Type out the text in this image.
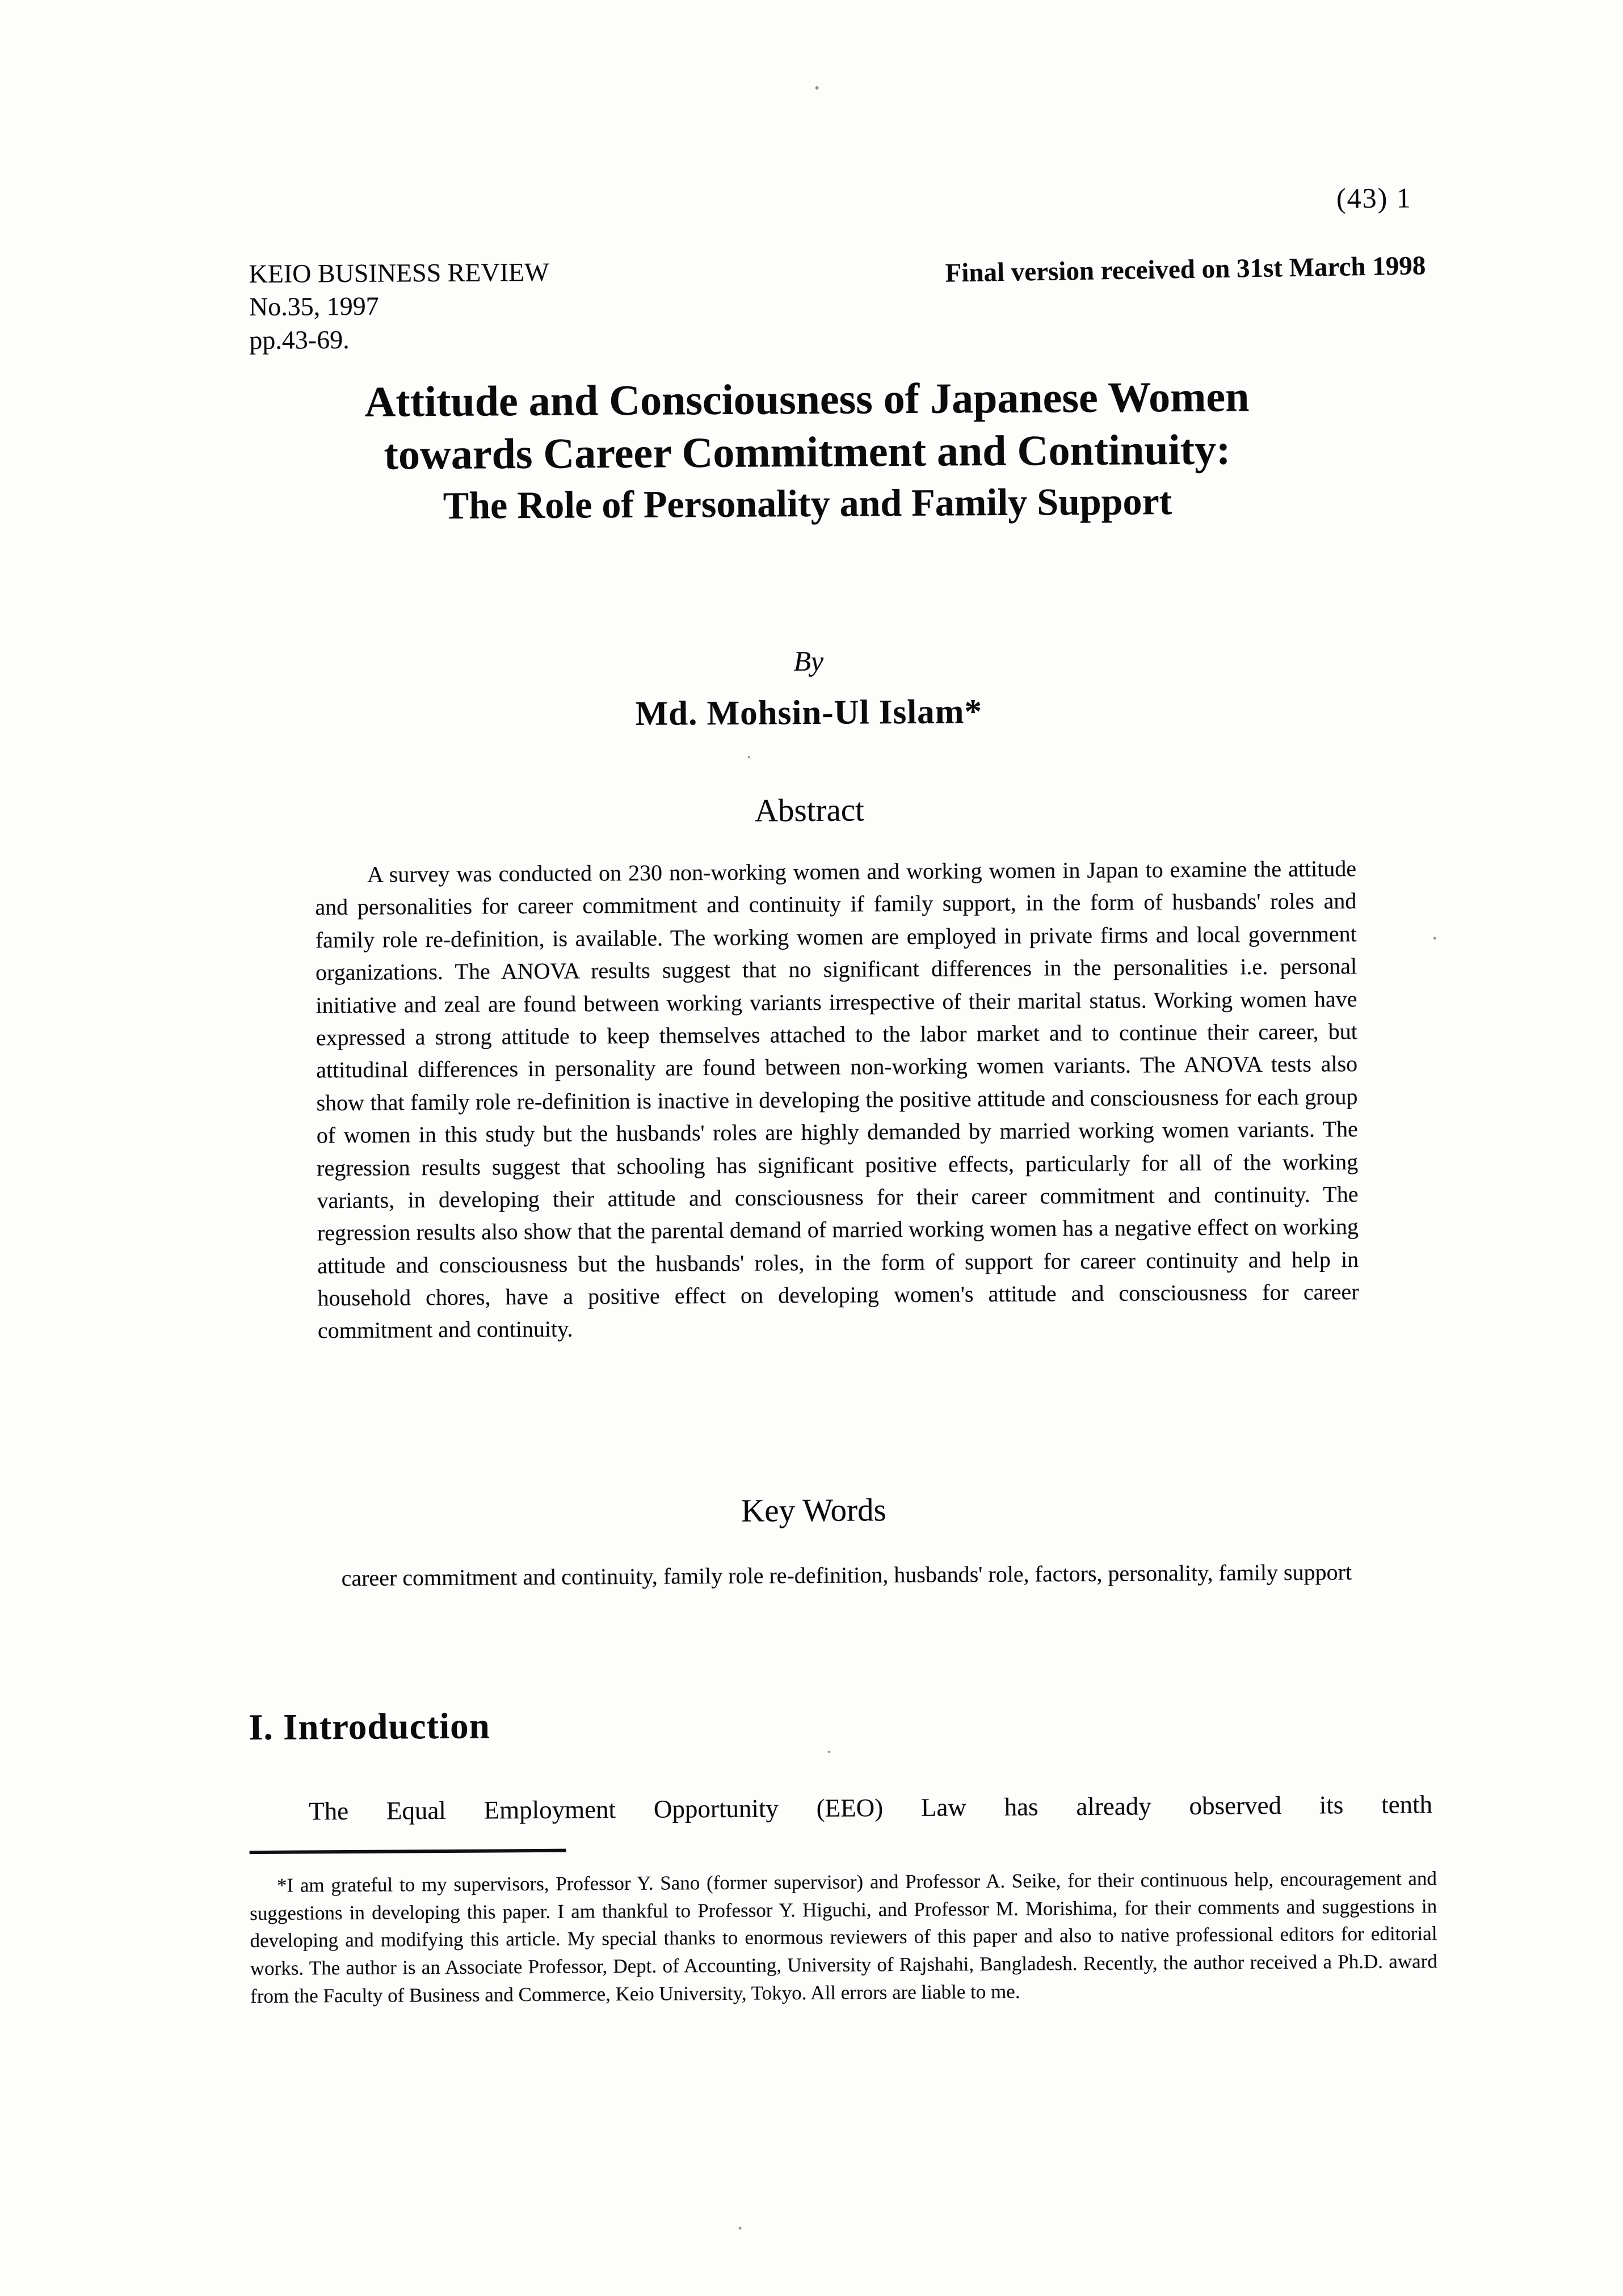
(43) 1
KEIO BUSINESS REVIEW
No.35, 1997
pp.43-69.
Final version received on 31st March 1998
Attitude and Consciousness of Japanese Women
towards Career Commitment and Continuity:
The Role of Personality and Family Support
By
Md. Mohsin-Ul Islam*
Abstract
A survey was conducted on 230 non-working women and working women in Japan to examine the attitude and personalities for career commitment and continuity if family support, in the form of husbands' roles and family role re-definition, is available. The working women are employed in private firms and local government organizations. The ANOVA results suggest that no significant differences in the personalities i.e. personal initiative and zeal are found between working variants irrespective of their marital status. Working women have expressed a strong attitude to keep themselves attached to the labor market and to continue their career, but attitudinal differences in personality are found between non-working women variants. The ANOVA tests also show that family role re-definition is inactive in developing the positive attitude and consciousness for each group of women in this study but the husbands' roles are highly demanded by married working women variants. The regression results suggest that schooling has significant positive effects, particularly for all of the working variants, in developing their attitude and consciousness for their career commitment and continuity. The regression results also show that the parental demand of married working women has a negative effect on working attitude and consciousness but the husbands' roles, in the form of support for career continuity and help in household chores, have a positive effect on developing women's attitude and consciousness for career commitment and continuity.
Key Words
career commitment and continuity, family role re-definition, husbands' role, factors, personality, family support
I. Introduction
The Equal Employment Opportunity (EEO) Law has already observed its tenth
*I am grateful to my supervisors, Professor Y. Sano (former supervisor) and Professor A. Seike, for their continuous help, encouragement and suggestions in developing this paper. I am thankful to Professor Y. Higuchi, and Professor M. Morishima, for their comments and suggestions in developing and modifying this article. My special thanks to enormous reviewers of this paper and also to native professional editors for editorial works. The author is an Associate Professor, Dept. of Accounting, University of Rajshahi, Bangladesh. Recently, the author received a Ph.D. award from the Faculty of Business and Commerce, Keio University, Tokyo. All errors are liable to me.
